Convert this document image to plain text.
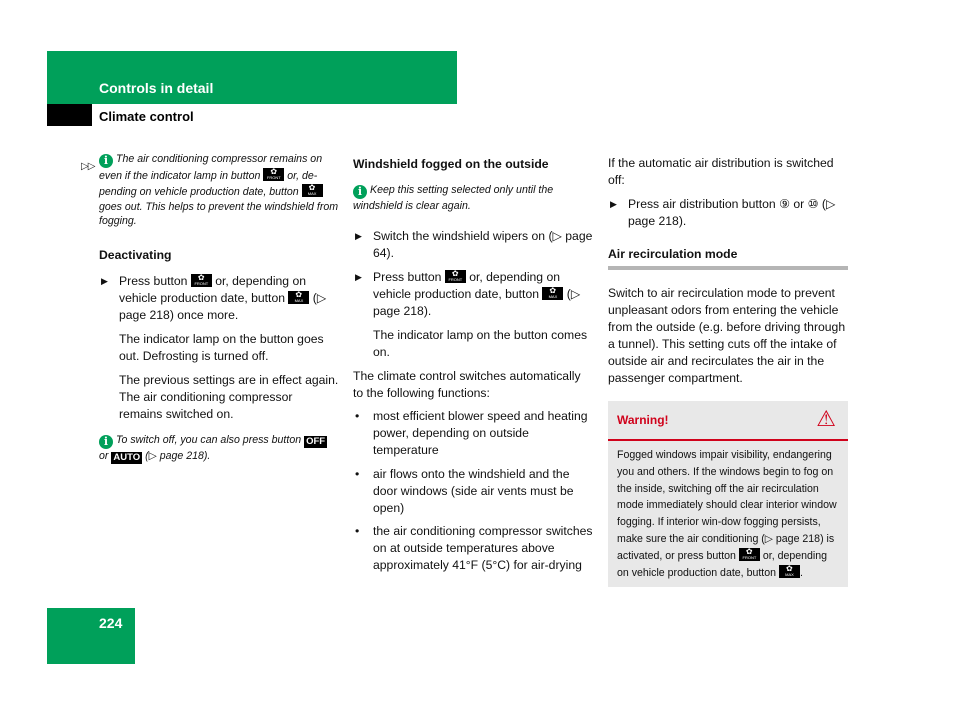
Controls in detail
Climate control
▷▷ i The air conditioning compressor remains on even if the indicator lamp in button ✿
FRONT or, de-pending on vehicle production date, button ✿
MAX
goes out. This helps to prevent the windshield from fogging.

Deactivating

▶ Press button ✿
FRONT or, depending on vehicle production date, button ✿
MAX (▷ page 218) once more.

The indicator lamp on the button goes out. Defrosting is turned off.

The previous settings are in effect again. The air conditioning compressor remains switched on.

i To switch off, you can also press button OFF or AUTO (▷ page 218).

Windshield fogged on the outside

i Keep this setting selected only until the windshield is clear again.

▶ Switch the windshield wipers on (▷ page 64).

▶ Press button ✿
FRONT or, depending on vehicle production date, button ✿
MAX (▷ page 218).

The indicator lamp on the button comes on.

The climate control switches automatically to the following functions:

• most efficient blower speed and heating power, depending on outside temperature

• air flows onto the windshield and the door windows (side air vents must be open)

• the air conditioning compressor switches on at outside temperatures above approximately 41°F (5°C) for air-drying

If the automatic air distribution is switched off:

▶ Press air distribution button ⑨ or ⑩ (▷ page 218).

Air recirculation mode

Switch to air recirculation mode to prevent unpleasant odors from entering the vehicle from the outside (e.g. before driving through a tunnel). This setting cuts off the intake of outside air and recirculates the air in the passenger compartment.

Warning!	⚠

Fogged windows impair visibility, endangering you and others. If the windows begin to fog on the inside, switching off the air recirculation mode immediately should clear interior window fogging. If interior win-dow fogging persists, make sure the air conditioning (▷ page 218) is activated, or press button ✿
FRONT or, depending on vehicle production date, button ✿
MAX .

224
